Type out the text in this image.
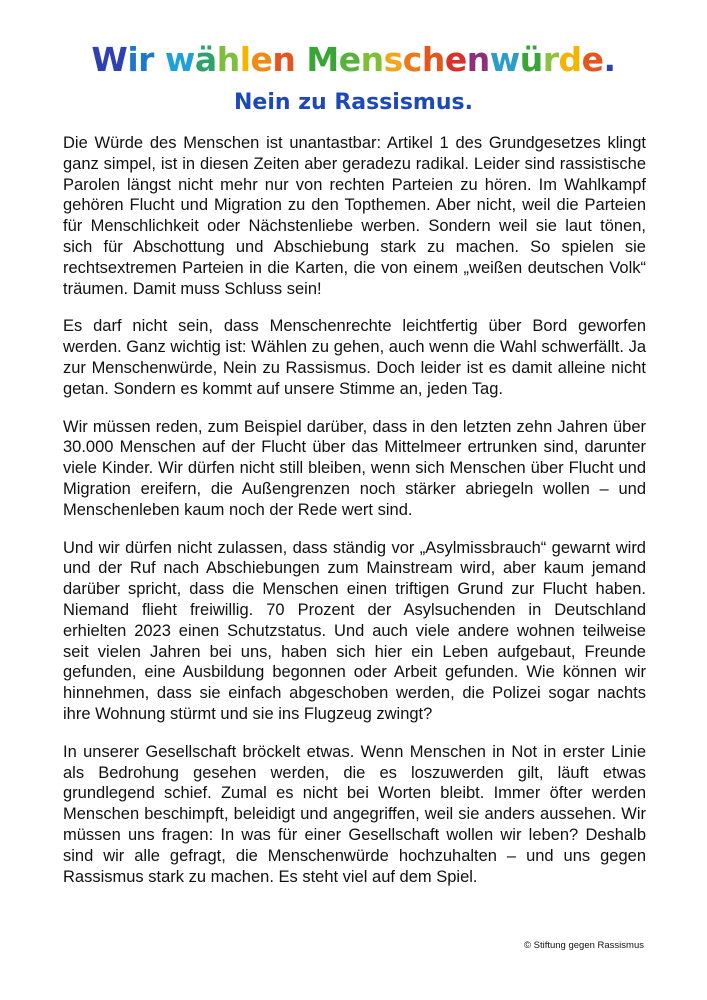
Wir wählen Menschenwürde.
Nein zu Rassismus.

Die Würde des Menschen ist unantastbar: Artikel 1 des Grundgesetzes klingt ganz simpel, ist in diesen Zeiten aber geradezu radikal. Leider sind rassistische Parolen längst nicht mehr nur von rechten Parteien zu hören. Im Wahlkampf gehören Flucht und Migration zu den Topthemen. Aber nicht, weil die Parteien für Menschlichkeit oder Nächstenliebe werben. Sondern weil sie laut tönen, sich für Abschottung und Abschiebung stark zu machen. So spielen sie rechtsextremen Parteien in die Karten, die von einem „weißen deutschen Volk“ träumen. Damit muss Schluss sein!

Es darf nicht sein, dass Menschenrechte leichtfertig über Bord geworfen werden. Ganz wichtig ist: Wählen zu gehen, auch wenn die Wahl schwerfällt. Ja zur Menschenwürde, Nein zu Rassismus. Doch leider ist es damit alleine nicht getan. Sondern es kommt auf unsere Stimme an, jeden Tag.

Wir müssen reden, zum Beispiel darüber, dass in den letzten zehn Jahren über 30.000 Menschen auf der Flucht über das Mittelmeer ertrunken sind, darunter viele Kinder. Wir dürfen nicht still bleiben, wenn sich Menschen über Flucht und Migration ereifern, die Außengrenzen noch stärker abriegeln wollen – und Menschenleben kaum noch der Rede wert sind.

Und wir dürfen nicht zulassen, dass ständig vor „Asylmissbrauch“ gewarnt wird und der Ruf nach Abschiebungen zum Mainstream wird, aber kaum jemand darüber spricht, dass die Menschen einen triftigen Grund zur Flucht haben. Niemand flieht freiwillig. 70 Prozent der Asylsuchenden in Deutschland erhielten 2023 einen Schutzstatus. Und auch viele andere wohnen teilweise seit vielen Jahren bei uns, haben sich hier ein Leben aufgebaut, Freunde gefunden, eine Ausbildung begonnen oder Arbeit gefunden. Wie können wir hinnehmen, dass sie einfach abgeschoben werden, die Polizei sogar nachts ihre Wohnung stürmt und sie ins Flugzeug zwingt?

In unserer Gesellschaft bröckelt etwas. Wenn Menschen in Not in erster Linie als Bedrohung gesehen werden, die es loszuwerden gilt, läuft etwas grundlegend schief. Zumal es nicht bei Worten bleibt. Immer öfter werden Menschen beschimpft, beleidigt und angegriffen, weil sie anders aussehen. Wir müssen uns fragen: In was für einer Gesellschaft wollen wir leben? Deshalb sind wir alle gefragt, die Menschenwürde hochzuhalten – und uns gegen Rassismus stark zu machen. Es steht viel auf dem Spiel.

© Stiftung gegen Rassismus
